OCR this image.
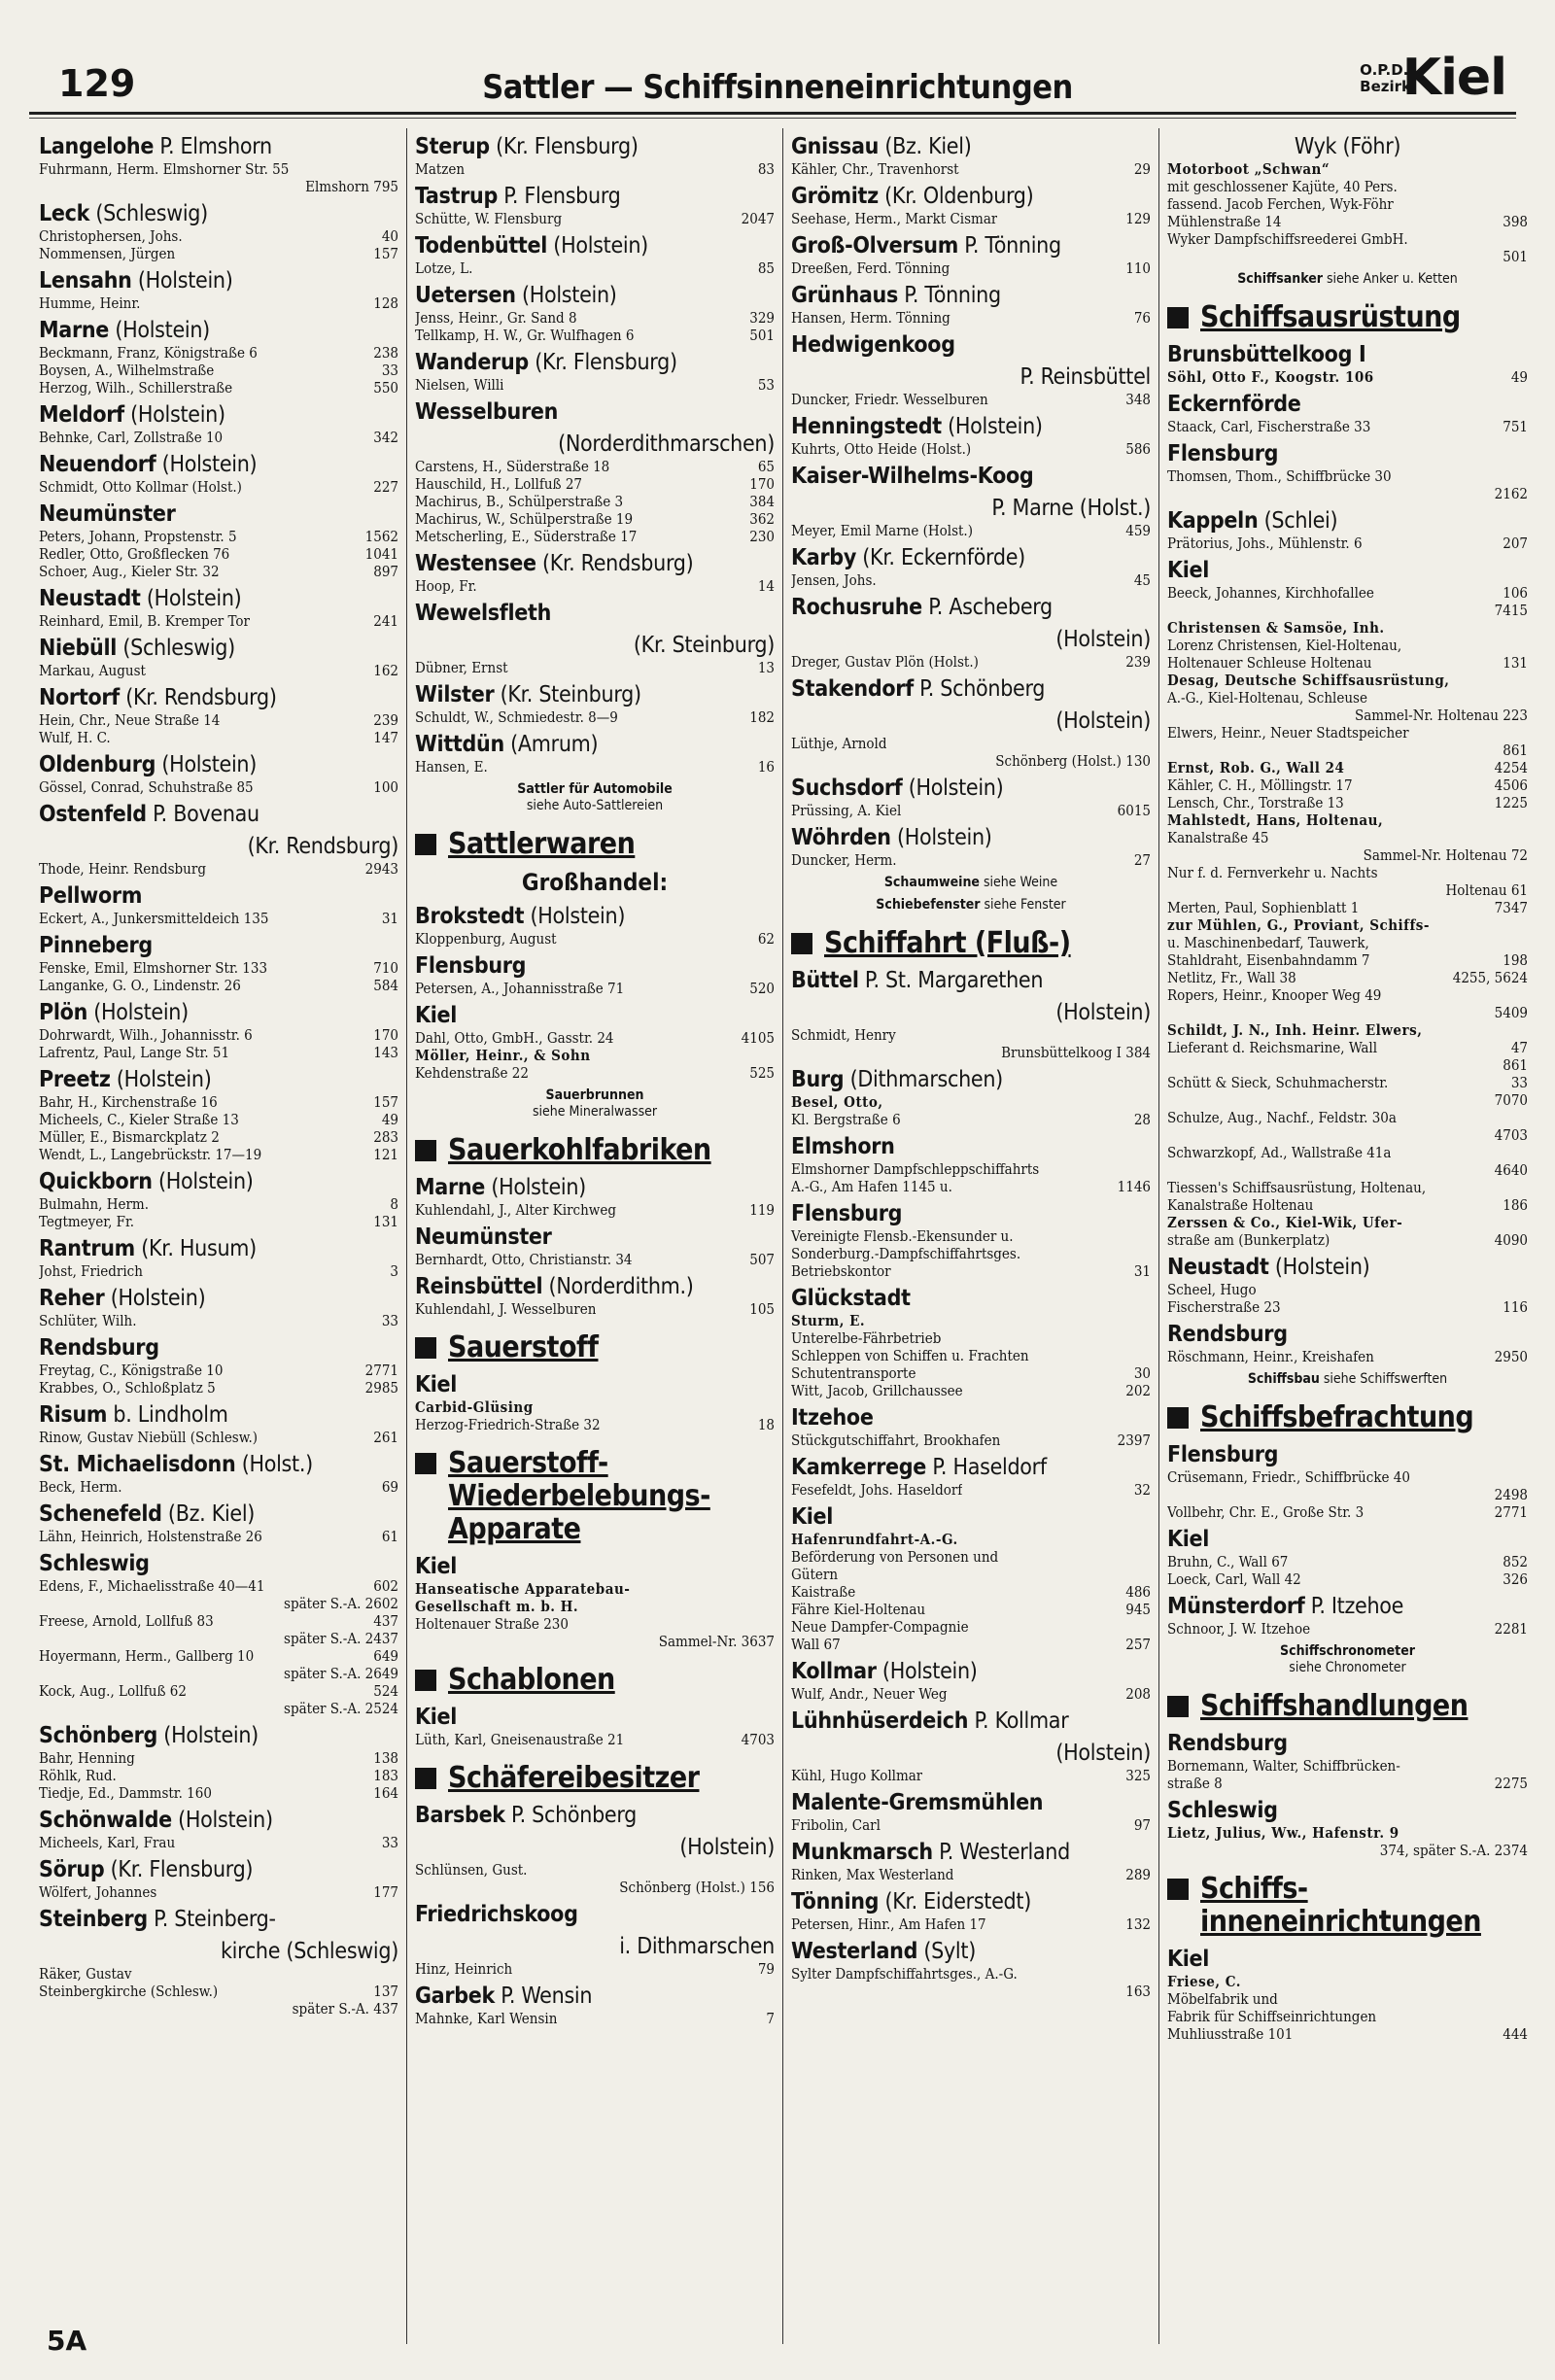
129	Sattler — Schiffsinneneinrichtungen	O.P.D.
Bezirk
Kiel
Langelohe P. Elmshorn
Fuhrmann, Herm. Elmshorner Str. 55
Elmshorn 795
Leck (Schleswig)
Christophersen, Johs.	40
Nommensen, Jürgen	157
Lensahn (Holstein)
Humme, Heinr.	128
Marne (Holstein)
Beckmann, Franz, Königstraße 6	238
Boysen, A., Wilhelmstraße	33
Herzog, Wilh., Schillerstraße	550
Meldorf (Holstein)
Behnke, Carl, Zollstraße 10	342
Neuendorf (Holstein)
Schmidt, Otto Kollmar (Holst.)	227
Neumünster
Peters, Johann, Propstenstr. 5	1562
Redler, Otto, Großflecken 76	1041
Schoer, Aug., Kieler Str. 32	897
Neustadt (Holstein)
Reinhard, Emil, B. Kremper Tor	241
Niebüll (Schleswig)
Markau, August	162
Nortorf (Kr. Rendsburg)
Hein, Chr., Neue Straße 14	239
Wulf, H. C.	147
Oldenburg (Holstein)
Gössel, Conrad, Schuhstraße 85	100
Ostenfeld P. Bovenau
(Kr. Rendsburg)
Thode, Heinr. Rendsburg	2943
Pellworm
Eckert, A., Junkersmitteldeich 135	31
Pinneberg
Fenske, Emil, Elmshorner Str. 133	710
Langanke, G. O., Lindenstr. 26	584
Plön (Holstein)
Dohrwardt, Wilh., Johannisstr. 6	170
Lafrentz, Paul, Lange Str. 51	143
Preetz (Holstein)
Bahr, H., Kirchenstraße 16	157
Micheels, C., Kieler Straße 13	49
Müller, E., Bismarckplatz 2	283
Wendt, L., Langebrückstr. 17—19	121
Quickborn (Holstein)
Bulmahn, Herm.	8
Tegtmeyer, Fr.	131
Rantrum (Kr. Husum)
Johst, Friedrich	3
Reher (Holstein)
Schlüter, Wilh.	33
Rendsburg
Freytag, C., Königstraße 10	2771
Krabbes, O., Schloßplatz 5	2985
Risum b. Lindholm
Rinow, Gustav Niebüll (Schlesw.)	261
St. Michaelisdonn (Holst.)
Beck, Herm.	69
Schenefeld (Bz. Kiel)
Lähn, Heinrich, Holstenstraße 26	61
Schleswig
Edens, F., Michaelisstraße 40—41	602
später S.-A. 2602
Freese, Arnold, Lollfuß 83	437
später S.-A. 2437
Hoyermann, Herm., Gallberg 10	649
später S.-A. 2649
Kock, Aug., Lollfuß 62	524
später S.-A. 2524
Schönberg (Holstein)
Bahr, Henning	138
Röhlk, Rud.	183
Tiedje, Ed., Dammstr. 160	164
Schönwalde (Holstein)
Micheels, Karl, Frau	33
Sörup (Kr. Flensburg)
Wölfert, Johannes	177
Steinberg P. Steinberg-
kirche (Schleswig)
Räker, Gustav
Steinbergkirche (Schlesw.)	137
später S.-A. 437
Sterup (Kr. Flensburg)
Matzen	83
Tastrup P. Flensburg
Schütte, W. Flensburg	2047
Todenbüttel (Holstein)
Lotze, L.	85
Uetersen (Holstein)
Jenss, Heinr., Gr. Sand 8	329
Tellkamp, H. W., Gr. Wulfhagen 6	501
Wanderup (Kr. Flensburg)
Nielsen, Willi	53
Wesselburen
(Norderdithmarschen)
Carstens, H., Süderstraße 18	65
Hauschild, H., Lollfuß 27	170
Machirus, B., Schülperstraße 3	384
Machirus, W., Schülperstraße 19	362
Metscherling, E., Süderstraße 17	230
Westensee (Kr. Rendsburg)
Hoop, Fr.	14
Wewelsfleth
(Kr. Steinburg)
Dübner, Ernst	13
Wilster (Kr. Steinburg)
Schuldt, W., Schmiedestr. 8—9	182
Wittdün (Amrum)
Hansen, E.	16
Sattler für Automobile
siehe Auto-Sattlereien
Sattlerwaren
Großhandel:
Brokstedt (Holstein)
Kloppenburg, August	62
Flensburg
Petersen, A., Johannisstraße 71	520
Kiel
Dahl, Otto, GmbH., Gasstr. 24	4105
Möller, Heinr., & Sohn
Kehdenstraße 22	525
Sauerbrunnen
siehe Mineralwasser
Sauerkohlfabriken
Marne (Holstein)
Kuhlendahl, J., Alter Kirchweg	119
Neumünster
Bernhardt, Otto, Christianstr. 34	507
Reinsbüttel (Norderdithm.)
Kuhlendahl, J. Wesselburen	105
Sauerstoff
Kiel
Carbid-Glüsing
Herzog-Friedrich-Straße 32	18
Sauerstoff-Wiederbelebungs-Apparate
Kiel
Hanseatische Apparatebau-
Gesellschaft m. b. H.
Holtenauer Straße 230
Sammel-Nr. 3637
Schablonen
Kiel
Lüth, Karl, Gneisenaustraße 21	4703
Schäfereibesitzer
Barsbek P. Schönberg
(Holstein)
Schlünsen, Gust.
Schönberg (Holst.) 156
Friedrichskoog
i. Dithmarschen
Hinz, Heinrich	79
Garbek P. Wensin
Mahnke, Karl Wensin	7
Gnissau (Bz. Kiel)
Kähler, Chr., Travenhorst	29
Grömitz (Kr. Oldenburg)
Seehase, Herm., Markt Cismar	129
Groß-Olversum P. Tönning
Dreeßen, Ferd. Tönning	110
Grünhaus P. Tönning
Hansen, Herm. Tönning	76
Hedwigenkoog
P. Reinsbüttel
Duncker, Friedr. Wesselburen	348
Henningstedt (Holstein)
Kuhrts, Otto Heide (Holst.)	586
Kaiser-Wilhelms-Koog
P. Marne (Holst.)
Meyer, Emil Marne (Holst.)	459
Karby (Kr. Eckernförde)
Jensen, Johs.	45
Rochusruhe P. Ascheberg
(Holstein)
Dreger, Gustav Plön (Holst.)	239
Stakendorf P. Schönberg
(Holstein)
Lüthje, Arnold
Schönberg (Holst.) 130
Suchsdorf (Holstein)
Prüssing, A. Kiel	6015
Wöhrden (Holstein)
Duncker, Herm.	27
Schaumweine siehe Weine
Schiebefenster siehe Fenster
Schiffahrt (Fluß-)
Büttel P. St. Margarethen
(Holstein)
Schmidt, Henry
Brunsbüttelkoog I 384
Burg (Dithmarschen)
Besel, Otto,
Kl. Bergstraße 6	28
Elmshorn
Elmshorner Dampfschleppschiffahrts
A.-G., Am Hafen 1145 u.	1146
Flensburg
Vereinigte Flensb.-Ekensunder u.
Sonderburg.-Dampfschiffahrtsges.
Betriebskontor	31
Glückstadt
Sturm, E.
Unterelbe-Fährbetrieb
Schleppen von Schiffen u. Frachten
Schutentransporte	30
Witt, Jacob, Grillchaussee	202
Itzehoe
Stückgutschiffahrt, Brookhafen	2397
Kamkerrege P. Haseldorf
Fesefeldt, Johs. Haseldorf	32
Kiel
Hafenrundfahrt-A.-G.
Beförderung von Personen und
Gütern
Kaistraße	486
Fähre Kiel-Holtenau	945
Neue Dampfer-Compagnie
Wall 67	257
Kollmar (Holstein)
Wulf, Andr., Neuer Weg	208
Lühnhüserdeich P. Kollmar
(Holstein)
Kühl, Hugo Kollmar	325
Malente-Gremsmühlen
Fribolin, Carl	97
Munkmarsch P. Westerland
Rinken, Max Westerland	289
Tönning (Kr. Eiderstedt)
Petersen, Hinr., Am Hafen 17	132
Westerland (Sylt)
Sylter Dampfschiffahrtsges., A.-G.
163
Wyk (Föhr)
Motorboot „Schwan“
mit geschlossener Kajüte, 40 Pers.
fassend. Jacob Ferchen, Wyk-Föhr
Mühlenstraße 14	398
Wyker Dampfschiffsreederei GmbH.
501
Schiffsanker siehe Anker u. Ketten
Schiffsausrüstung
Brunsbüttelkoog I
Söhl, Otto F., Koogstr. 106	49
Eckernförde
Staack, Carl, Fischerstraße 33	751
Flensburg
Thomsen, Thom., Schiffbrücke 30
2162
Kappeln (Schlei)
Prätorius, Johs., Mühlenstr. 6	207
Kiel
Beeck, Johannes, Kirchhofallee	106
7415
Christensen & Samsöe, Inh.
Lorenz Christensen, Kiel-Holtenau,
Holtenauer Schleuse Holtenau	131
Desag, Deutsche Schiffsausrüstung,
A.-G., Kiel-Holtenau, Schleuse
Sammel-Nr. Holtenau 223
Elwers, Heinr., Neuer Stadtspeicher
861
Ernst, Rob. G., Wall 24	4254
Kähler, C. H., Möllingstr. 17	4506
Lensch, Chr., Torstraße 13	1225
Mahlstedt, Hans, Holtenau,
Kanalstraße 45
Sammel-Nr. Holtenau 72
Nur f. d. Fernverkehr u. Nachts
Holtenau 61
Merten, Paul, Sophienblatt 1	7347
zur Mühlen, G., Proviant, Schiffs-
u. Maschinenbedarf, Tauwerk,
Stahldraht, Eisenbahndamm 7	198
Netlitz, Fr., Wall 38	4255, 5624
Ropers, Heinr., Knooper Weg 49
5409
Schildt, J. N., Inh. Heinr. Elwers,
Lieferant d. Reichsmarine, Wall	47
861
Schütt & Sieck, Schuhmacherstr.	33
7070
Schulze, Aug., Nachf., Feldstr. 30a
4703
Schwarzkopf, Ad., Wallstraße 41a
4640
Tiessen's Schiffsausrüstung, Holtenau,
Kanalstraße Holtenau	186
Zerssen & Co., Kiel-Wik, Ufer-
straße am (Bunkerplatz)	4090
Neustadt (Holstein)
Scheel, Hugo
Fischerstraße 23	116
Rendsburg
Röschmann, Heinr., Kreishafen	2950
Schiffsbau siehe Schiffswerften
Schiffsbefrachtung
Flensburg
Crüsemann, Friedr., Schiffbrücke 40
2498
Vollbehr, Chr. E., Große Str. 3	2771
Kiel
Bruhn, C., Wall 67	852
Loeck, Carl, Wall 42	326
Münsterdorf P. Itzehoe
Schnoor, J. W. Itzehoe	2281
Schiffschronometer
siehe Chronometer
Schiffshandlungen
Rendsburg
Bornemann, Walter, Schiffbrücken-
straße 8	2275
Schleswig
Lietz, Julius, Ww., Hafenstr. 9
374, später S.-A. 2374
Schiffs-inneneinrichtungen
Kiel
Friese, C.
Möbelfabrik und
Fabrik für Schiffseinrichtungen
Muhliusstraße 101	444
5A
